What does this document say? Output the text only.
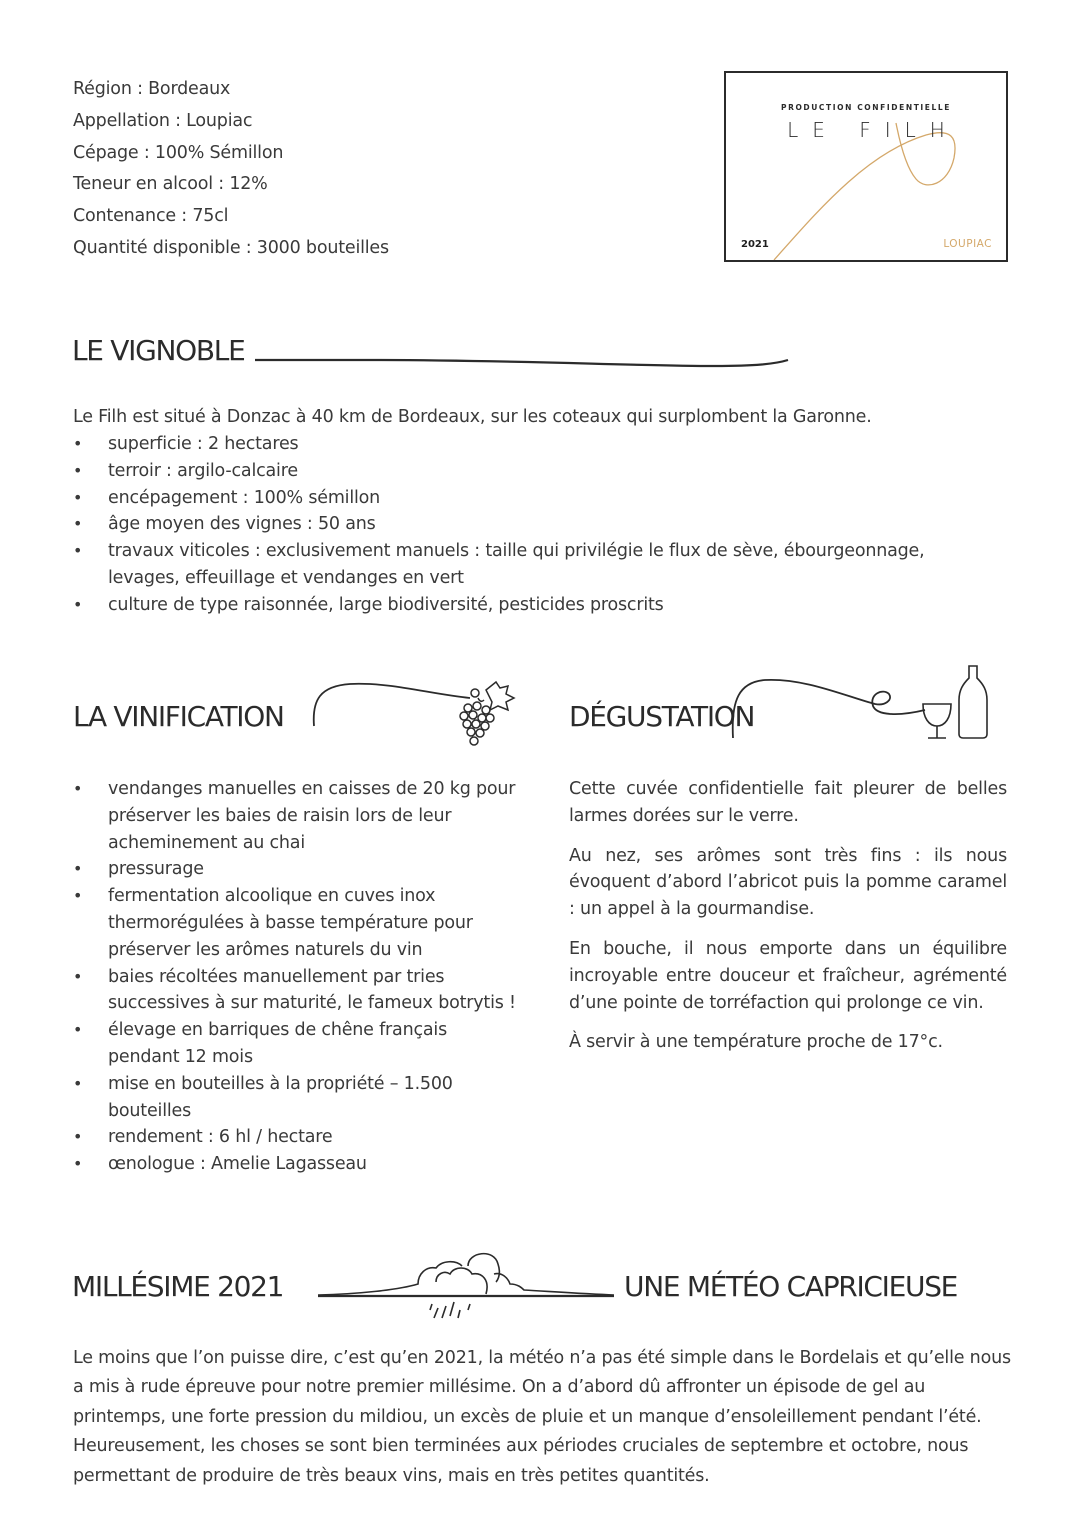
Région : Bordeaux
Appellation : Loupiac
Cépage : 100% Sémillon
Teneur en alcool : 12%
Contenance : 75cl
Quantité disponible : 3000 bouteilles
PRODUCTION CONFIDENTIELLE
LE FILH
2021	LOUPIAC
LE VIGNOBLE
Le Filh est situé à Donzac à 40 km de Bordeaux, sur les coteaux qui surplombent la Garonne.
• superficie : 2 hectares
• terroir : argilo-calcaire
• encépagement : 100% sémillon
• âge moyen des vignes : 50 ans
• travaux viticoles : exclusivement manuels : taille qui privilégie le flux de sève, ébourgeonnage, levages, effeuillage et vendanges en vert
• culture de type raisonnée, large biodiversité, pesticides proscrits
LA VINIFICATION
• vendanges manuelles en caisses de 20 kg pour préserver les baies de raisin lors de leur acheminement au chai
• pressurage
• fermentation alcoolique en cuves inox thermorégulées à basse température pour préserver les arômes naturels du vin
• baies récoltées manuellement par tries successives à sur maturité, le fameux botrytis !
• élevage en barriques de chêne français pendant 12 mois
• mise en bouteilles à la propriété – 1.500 bouteilles
• rendement : 6 hl / hectare
• œnologue : Amelie Lagasseau
DÉGUSTATION

Cette cuvée confidentielle fait pleurer de belles larmes dorées sur le verre.

Au nez, ses arômes sont très fins : ils nous évoquent d’abord l’abricot puis la pomme caramel : un appel à la gourmandise.

En bouche, il nous emporte dans un équilibre incroyable entre douceur et fraîcheur, agrémenté d’une pointe de torréfaction qui prolonge ce vin.

À servir à une température proche de 17°c.

MILLÉSIME 2021	UNE MÉTÉO CAPRICIEUSE
Le moins que l’on puisse dire, c’est qu’en 2021, la météo n’a pas été simple dans le Bordelais et qu’elle nous a mis à rude épreuve pour notre premier millésime. On a d’abord dû affronter un épisode de gel au printemps, une forte pression du mildiou, un excès de pluie et un manque d’ensoleillement pendant l’été. Heureusement, les choses se sont bien terminées aux périodes cruciales de septembre et octobre, nous permettant de produire de très beaux vins, mais en très petites quantités.
